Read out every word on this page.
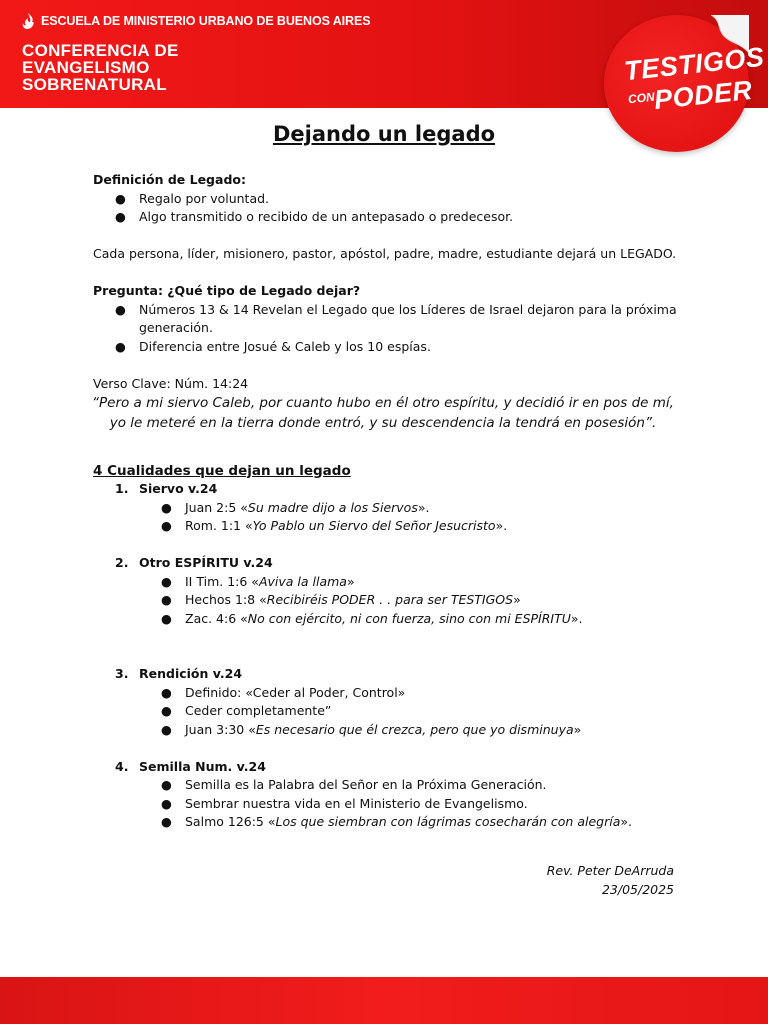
ESCUELA DE MINISTERIO URBANO DE BUENOS AIRES
CONFERENCIA DE
EVANGELISMO
SOBRENATURAL	TESTIGOS
CON
PODER
Dejando un legado
Definición de Legado:
●	Regalo por voluntad.
●	Algo transmitido o recibido de un antepasado o predecesor.
Cada persona, líder, misionero, pastor, apóstol, padre, madre, estudiante dejará un LEGADO.
Pregunta: ¿Qué tipo de Legado dejar?
●	Números 13 & 14 Revelan el Legado que los Líderes de Israel dejaron para la próxima generación.
●	Diferencia entre Josué & Caleb y los 10 espías.
Verso Clave: Núm. 14:24
“Pero a mi siervo Caleb, por cuanto hubo en él otro espíritu, y decidió ir en pos de mí, yo le meteré en la tierra donde entró, y su descendencia la tendrá en posesión”.
4 Cualidades que dejan un legado
1. Siervo v.24
●	Juan 2:5 «Su madre dijo a los Siervos».
●	Rom. 1:1 «Yo Pablo un Siervo del Señor Jesucristo».
2. Otro ESPÍRITU v.24
●	II Tim. 1:6 «Aviva la llama»
●	Hechos 1:8 «Recibiréis PODER . . para ser TESTIGOS»
●	Zac. 4:6 «No con ejército, ni con fuerza, sino con mi ESPÍRITU».
3. Rendición v.24
●	Definido: «Ceder al Poder, Control»
●	Ceder completamente”
●	Juan 3:30 «Es necesario que él crezca, pero que yo disminuya»
4. Semilla Num. v.24
●	Semilla es la Palabra del Señor en la Próxima Generación.
●	Sembrar nuestra vida en el Ministerio de Evangelismo.
●	Salmo 126:5 «Los que siembran con lágrimas cosecharán con alegría».
Rev. Peter DeArruda
23/05/2025
